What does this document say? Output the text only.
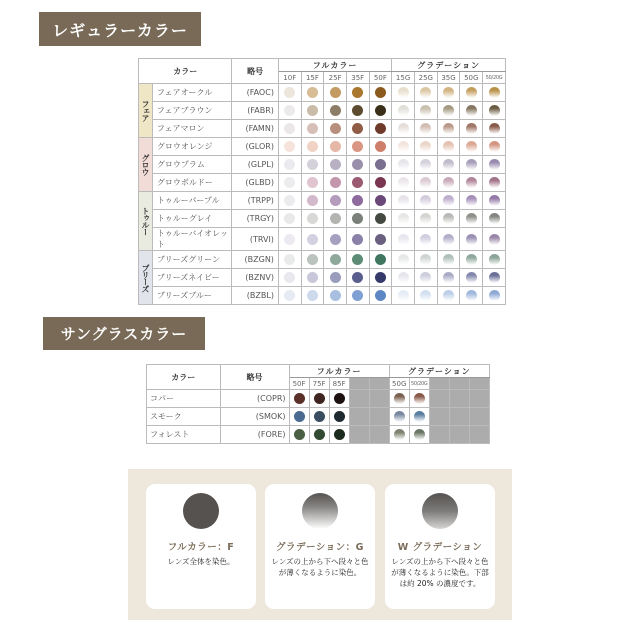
レギュラーカラー
カラー		略号	フルカラー					グラデーション				
			10F	15F	25F	35F	50F	15G	25G	35G	50G	50/20G
フェア	フェアオークル	(FAOC)										
	フェアブラウン	(FABR)										
	フェアマロン	(FAMN)										
グロウ	グロウオレンジ	(GLOR)										
	グロウプラム	(GLPL)										
	グロウボルドー	(GLBD)										
トゥルー	トゥルーパープル	(TRPP)										
	トゥルーグレイ	(TRGY)										
	トゥルーバイオレット	(TRVI)										
ブリーズ	ブリーズグリーン	(BZGN)										
	ブリーズネイビー	(BZNV)										
	ブリーズブルー	(BZBL)										
サングラスカラー
カラー	略号	フルカラー					グラデーション				
		50F	75F	85F			50G	50/20G			
コパー	(COPR)										
スモーク	(SMOK)										
フォレスト	(FORE)										
フルカラー：F
レンズ全体を染色。
グラデーション：G
レンズの上から下へ段々と色が薄くなるように染色。
W グラデーション
レンズの上から下へ段々と色が薄くなるように染色。下部は約 20% の濃度です。
